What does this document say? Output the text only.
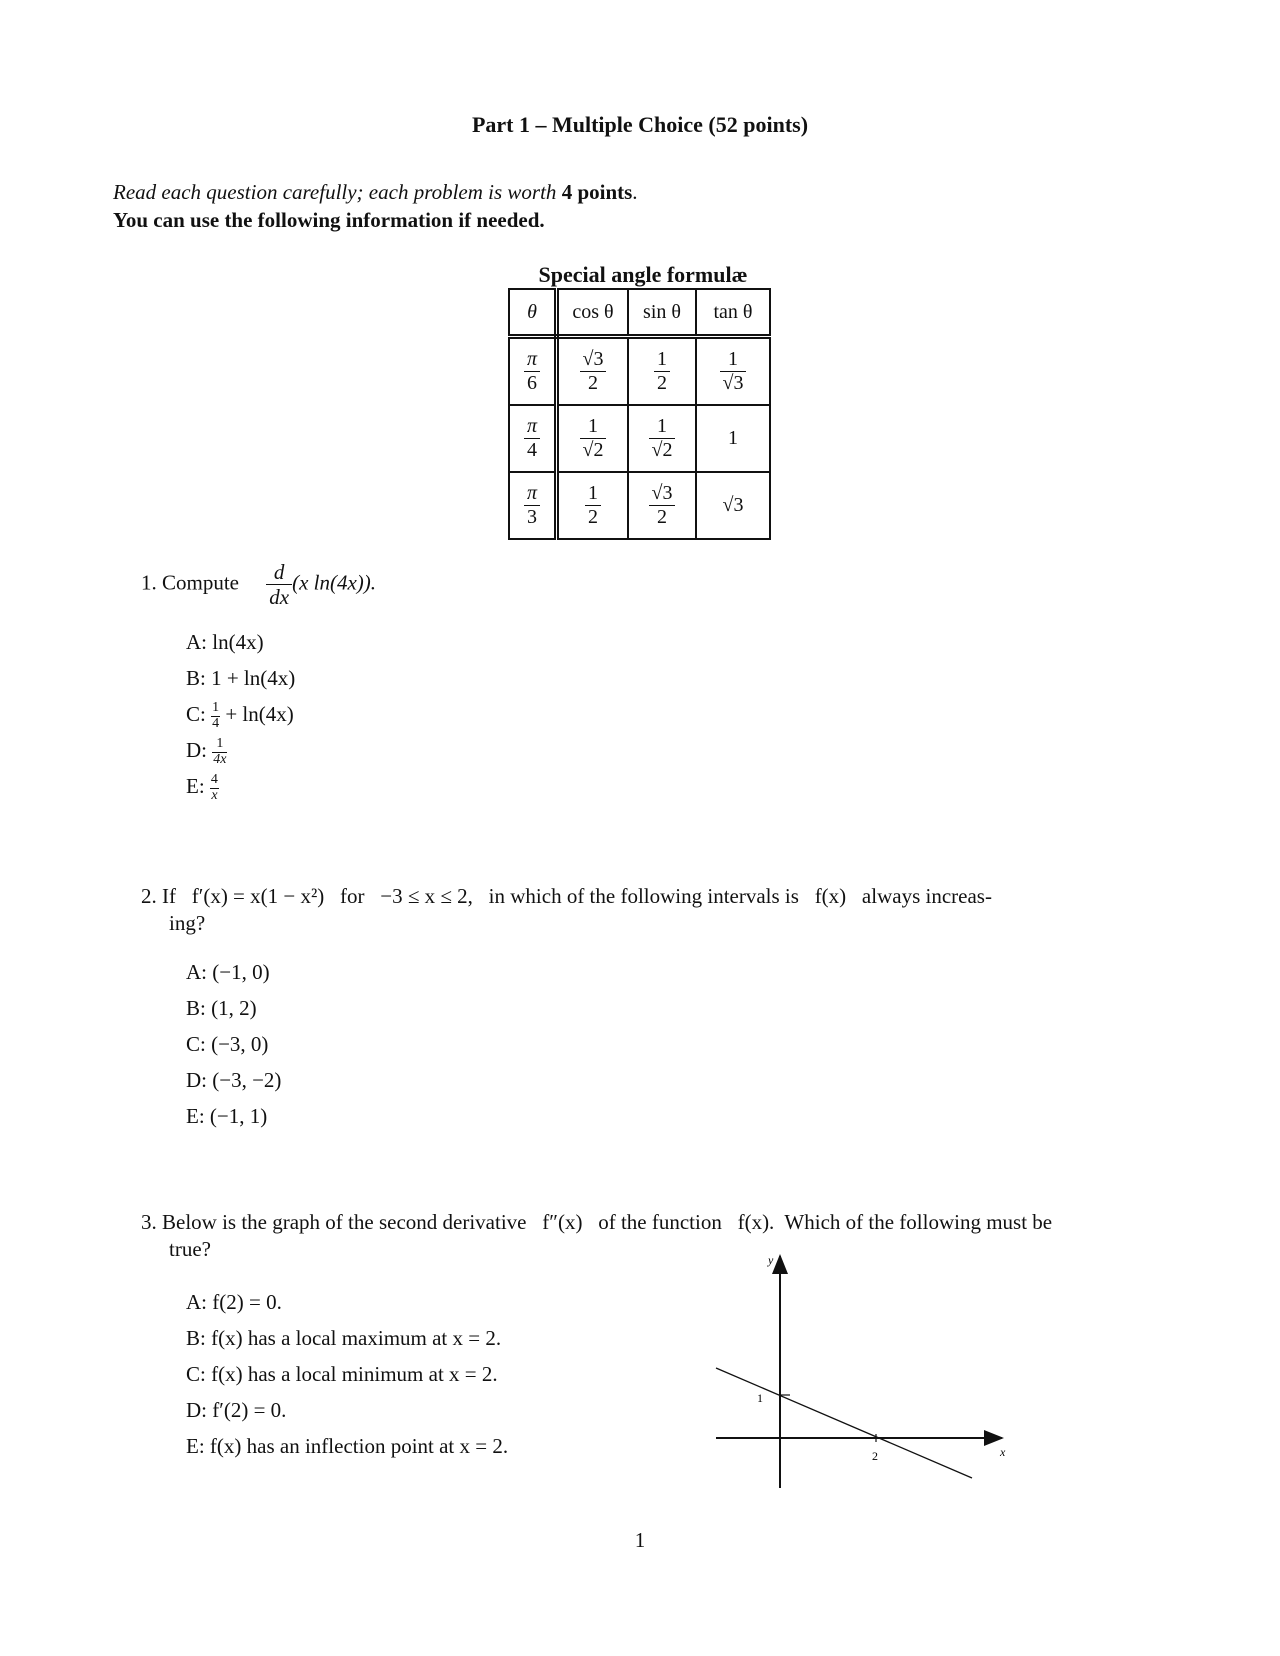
Part 1 – Multiple Choice (52 points)
Read each question carefully; each problem is worth 4 points.
You can use the following information if needed.
Special angle formulæ
θ	cos θ	sin θ	tan θ

$\frac{\pi}{6}$	$\frac{√3}{2}$	$\frac{1}{2}$	$\frac{1}{√3}$

$\frac{\pi}{4}$	$\frac{1}{√2}$	$\frac{1}{√2}$	1

$\frac{\pi}{3}$	$\frac{1}{2}$	$\frac{√3}{2}$	√3
1. Compute $\frac{d}{dx} (x$ ln(4x)).
A: ln(4x)
B: 1 + ln(4x)
C: $\frac{1}{4} + \ln(4x)$
D: $\frac{1}{4x}$
E: $\frac{4}{x}$
2. If   f′(x) = x(1 − x²)   for   −3 ≤ x ≤ 2,   in which of the following intervals is   f(x)   always increas-
ing?
A: (−1, 0)
B: (1, 2)
C: (−3, 0)
D: (−3, −2)
E: (−1, 1)
3. Below is the graph of the second derivative   f″(x)   of the function   f(x).  Which of the following must be
true?
A: f(2) = 0.
B: f(x) has a local maximum at x = 2.
C: f(x) has a local minimum at x = 2.
D: f′(2) = 0.
E: f(x) has an inflection point at x = 2.
y
x
1
2
1
